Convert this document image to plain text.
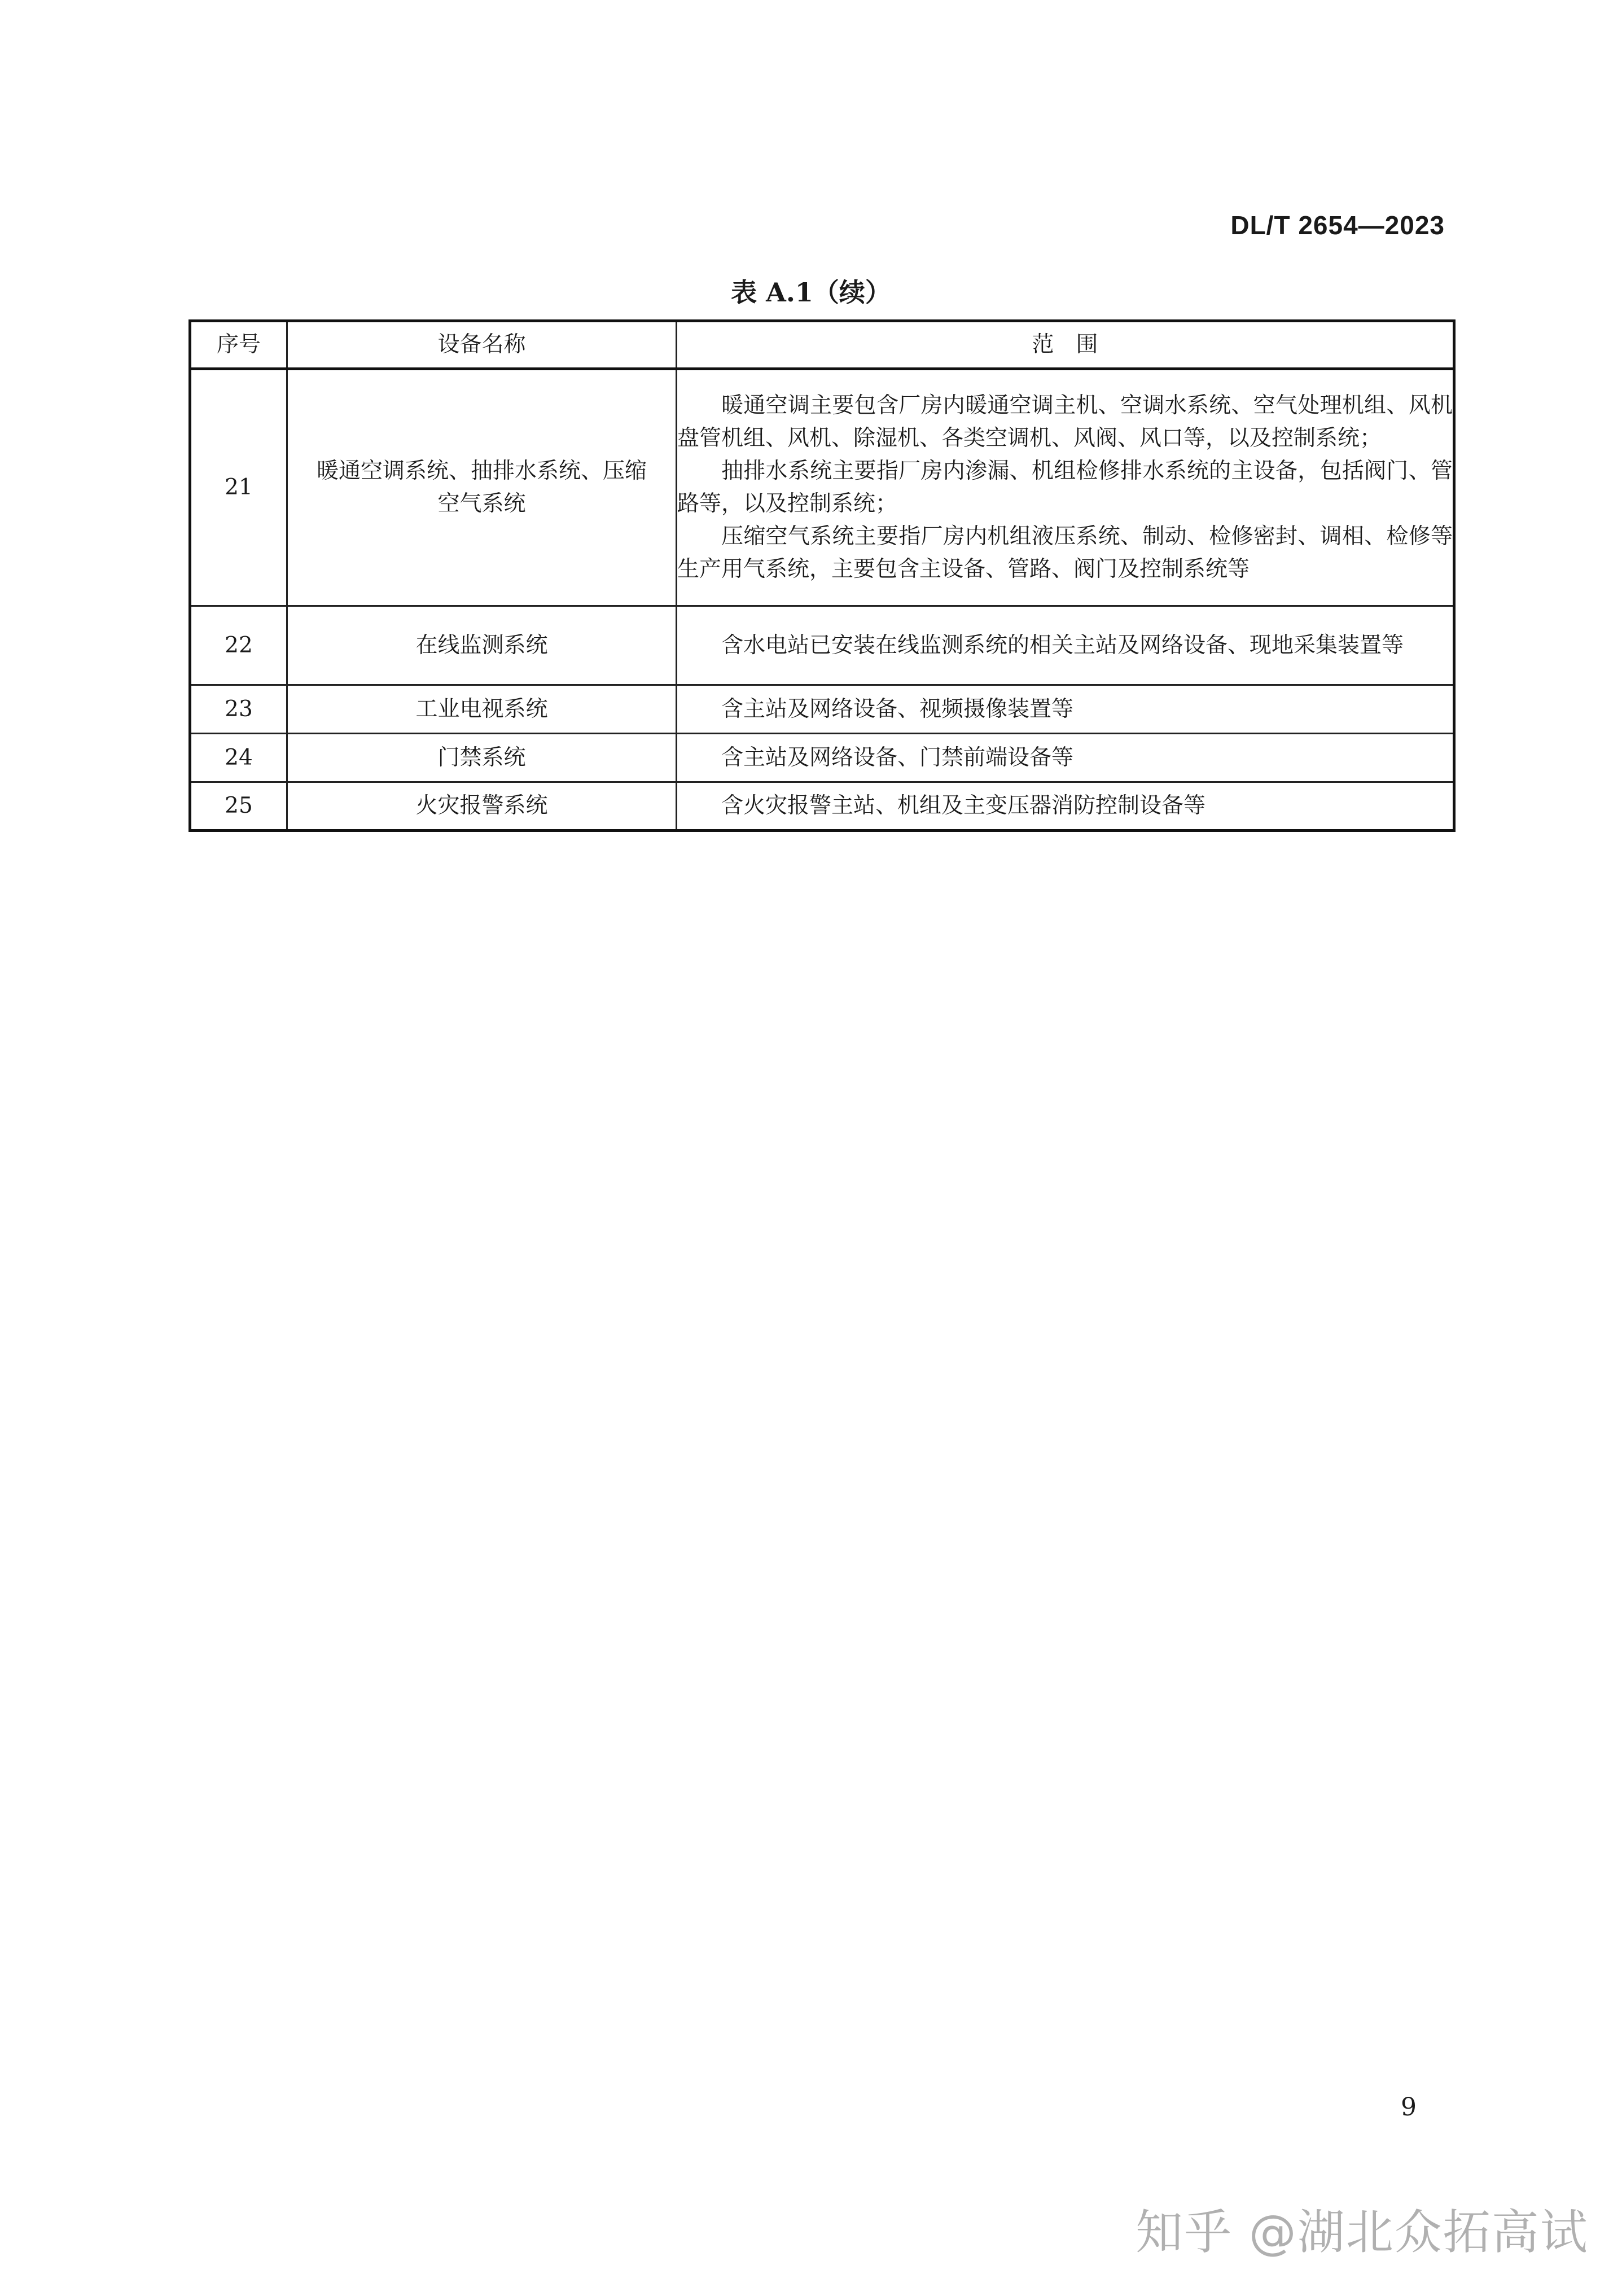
DL/T 2654—2023
表 A.1（续）
序号	设备名称	范　围
21	暖通空调系统、抽排水系统、压缩空气系统	暖通空调主要包含厂房内暖通空调主机、空调水系统、空气处理机组、风机盘管机组、风机、除湿机、各类空调机、风阀、风口等，以及控制系统；
抽排水系统主要指厂房内渗漏、机组检修排水系统的主设备，包括阀门、管路等，以及控制系统；
压缩空气系统主要指厂房内机组液压系统、制动、检修密封、调相、检修等生产用气系统，主要包含主设备、管路、阀门及控制系统等

22	在线监测系统	含水电站已安装在线监测系统的相关主站及网络设备、现地采集装置等

23	工业电视系统	含主站及网络设备、视频摄像装置等

24	门禁系统	含主站及网络设备、门禁前端设备等

25	火灾报警系统	含火灾报警主站、机组及主变压器消防控制设备等
9
知乎 @湖北众拓高试
